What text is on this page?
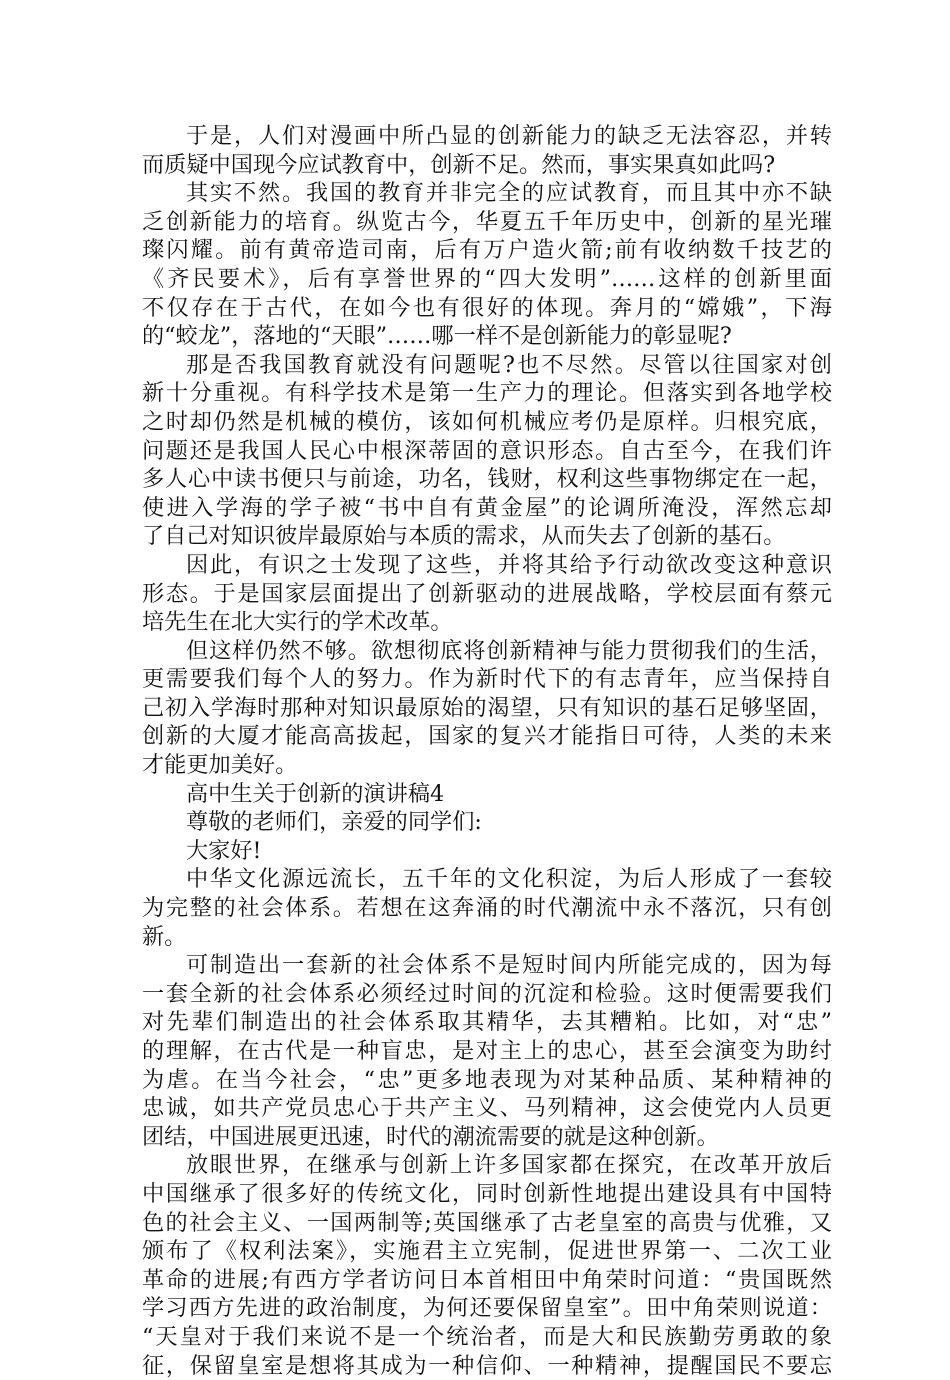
于是，人们对漫画中所凸显的创新能力的缺乏无法容忍，并转
而质疑中国现今应试教育中，创新不足。然而，事实果真如此吗?
其实不然。我国的教育并非完全的应试教育，而且其中亦不缺
乏创新能力的培育。纵览古今，华夏五千年历史中，创新的星光璀
璨闪耀。前有黄帝造司南，后有万户造火箭;前有收纳数千技艺的
《齐民要术》，后有享誉世界的“四大发明”……这样的创新里面
不仅存在于古代，在如今也有很好的体现。奔月的“嫦娥”，下海
的“蛟龙”，落地的“天眼”……哪一样不是创新能力的彰显呢?
那是否我国教育就没有问题呢?也不尽然。尽管以往国家对创
新十分重视。有科学技术是第一生产力的理论。但落实到各地学校
之时却仍然是机械的模仿，该如何机械应考仍是原样。归根究底，
问题还是我国人民心中根深蒂固的意识形态。自古至今，在我们许
多人心中读书便只与前途，功名，钱财，权利这些事物绑定在一起，
使进入学海的学子被“书中自有黄金屋”的论调所淹没，浑然忘却
了自己对知识彼岸最原始与本质的需求，从而失去了创新的基石。
因此，有识之士发现了这些，并将其给予行动欲改变这种意识
形态。于是国家层面提出了创新驱动的进展战略，学校层面有蔡元
培先生在北大实行的学术改革。
但这样仍然不够。欲想彻底将创新精神与能力贯彻我们的生活，
更需要我们每个人的努力。作为新时代下的有志青年，应当保持自
己初入学海时那种对知识最原始的渴望，只有知识的基石足够坚固，
创新的大厦才能高高拔起，国家的复兴才能指日可待，人类的未来
才能更加美好。
高中生关于创新的演讲稿4
尊敬的老师们，亲爱的同学们:
大家好!
中华文化源远流长，五千年的文化积淀，为后人形成了一套较
为完整的社会体系。若想在这奔涌的时代潮流中永不落沉，只有创
新。
可制造出一套新的社会体系不是短时间内所能完成的，因为每
一套全新的社会体系必须经过时间的沉淀和检验。这时便需要我们
对先辈们制造出的社会体系取其精华，去其糟粕。比如，对“忠”
的理解，在古代是一种盲忠，是对主上的忠心，甚至会演变为助纣
为虐。在当今社会，“忠”更多地表现为对某种品质、某种精神的
忠诚，如共产党员忠心于共产主义、马列精神，这会使党内人员更
团结，中国进展更迅速，时代的潮流需要的就是这种创新。
放眼世界，在继承与创新上许多国家都在探究，在改革开放后
中国继承了很多好的传统文化，同时创新性地提出建设具有中国特
色的社会主义、一国两制等;英国继承了古老皇室的高贵与优雅，又
颁布了《权利法案》，实施君主立宪制，促进世界第一、二次工业
革命的进展;有西方学者访问日本首相田中角荣时问道：“贵国既然
学习西方先进的政治制度，为何还要保留皇室”。田中角荣则说道：
“天皇对于我们来说不是一个统治者，而是大和民族勤劳勇敢的象
征，保留皇室是想将其成为一种信仰、一种精神，提醒国民不要忘
